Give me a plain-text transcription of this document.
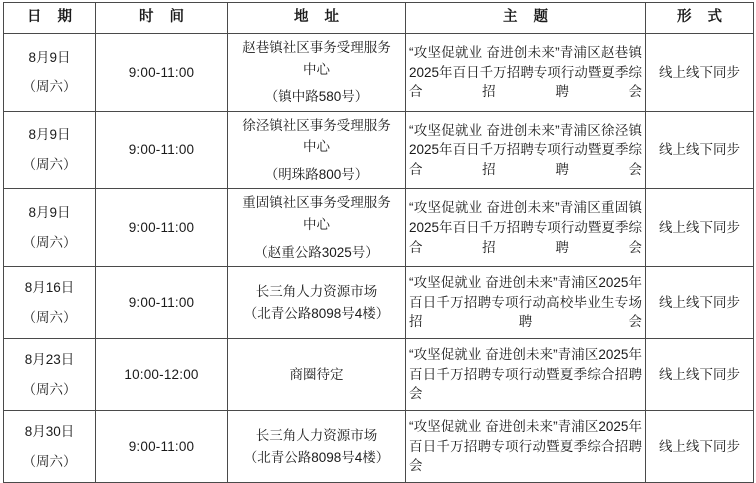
日 期	时 间	地 址	主 题	形 式

8月9日
（周六）	9:00-11:00	赵巷镇社区事务受理服务
中心
（镇中路580号）	“攻坚促就业 奋进创未来”青浦区赵巷镇2025年百日千万招聘专项行动暨夏季综合招聘会	线上线下同步

8月9日
（周六）	9:00-11:00	徐泾镇社区事务受理服务
中心
（明珠路800号）	“攻坚促就业 奋进创未来”青浦区徐泾镇2025年百日千万招聘专项行动暨夏季综合招聘会	线上线下同步

8月9日
（周六）	9:00-11:00	重固镇社区事务受理服务
中心
（赵重公路3025号）	“攻坚促就业 奋进创未来”青浦区重固镇2025年百日千万招聘专项行动暨夏季综合招聘会	线上线下同步

8月16日
（周六）	9:00-11:00	长三角人力资源市场
（北青公路8098号4楼）	“攻坚促就业 奋进创未来”青浦区2025年百日千万招聘专项行动高校毕业生专场招聘会	线上线下同步

8月23日
（周六）	10:00-12:00	商圈待定	“攻坚促就业 奋进创未来”青浦区2025年百日千万招聘专项行动暨夏季综合招聘会	线上线下同步

8月30日
（周六）	9:00-11:00	长三角人力资源市场
（北青公路8098号4楼）	“攻坚促就业 奋进创未来”青浦区2025年百日千万招聘专项行动暨夏季综合招聘会	线上线下同步
